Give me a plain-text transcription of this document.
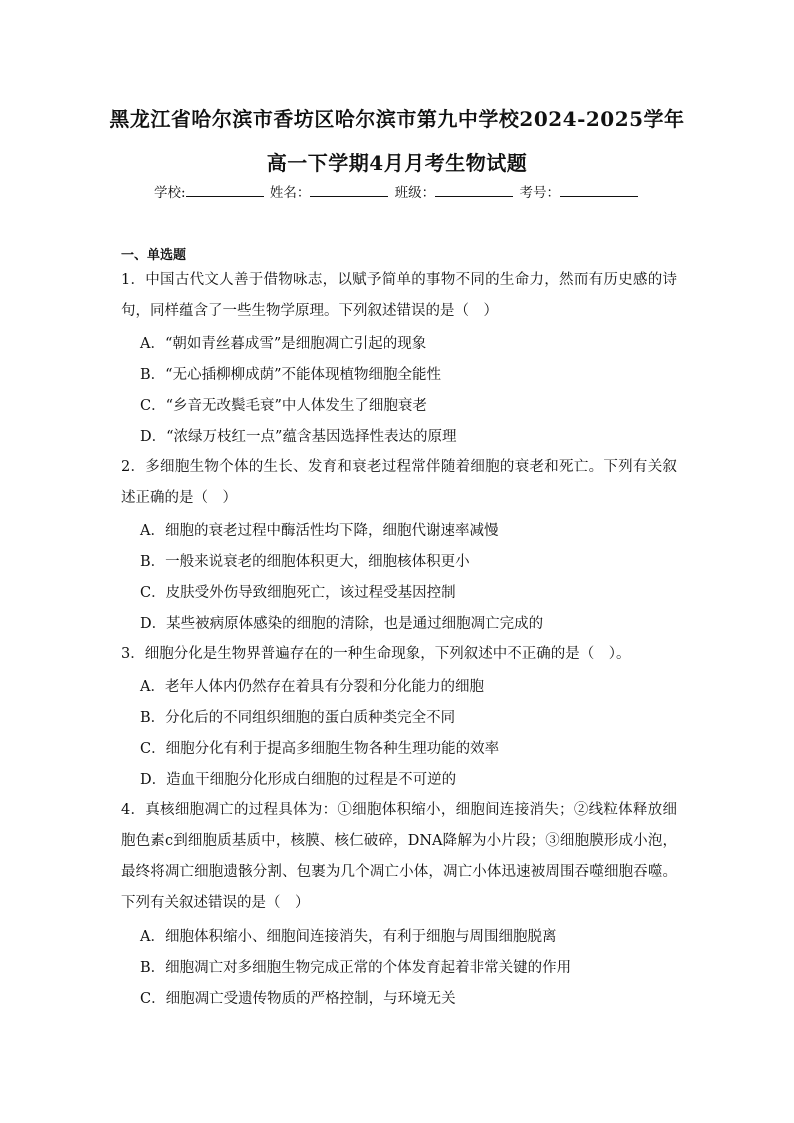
黑龙江省哈尔滨市香坊区哈尔滨市第九中学校2024-2025学年
高一下学期4月月考生物试题
学校:	姓名：	班级：	考号：
一、单选题
1．中国古代文人善于借物咏志，以赋予简单的事物不同的生命力，然而有历史感的诗句，同样蕴含了一些生物学原理。下列叙述错误的是（　）
A．“朝如青丝暮成雪”是细胞凋亡引起的现象
B．“无心插柳柳成荫”不能体现植物细胞全能性
C．“乡音无改鬓毛衰”中人体发生了细胞衰老
D．“浓绿万枝红一点”蕴含基因选择性表达的原理
2．多细胞生物个体的生长、发育和衰老过程常伴随着细胞的衰老和死亡。下列有关叙述正确的是（　）
A．细胞的衰老过程中酶活性均下降，细胞代谢速率减慢
B．一般来说衰老的细胞体积更大，细胞核体积更小
C．皮肤受外伤导致细胞死亡，该过程受基因控制
D．某些被病原体感染的细胞的清除，也是通过细胞凋亡完成的
3．细胞分化是生物界普遍存在的一种生命现象，下列叙述中不正确的是（　）。
A．老年人体内仍然存在着具有分裂和分化能力的细胞
B．分化后的不同组织细胞的蛋白质种类完全不同
C．细胞分化有利于提高多细胞生物各种生理功能的效率
D．造血干细胞分化形成白细胞的过程是不可逆的
4．真核细胞凋亡的过程具体为：①细胞体积缩小，细胞间连接消失；②线粒体释放细胞色素c到细胞质基质中，核膜、核仁破碎，DNA降解为小片段；③细胞膜形成小泡，最终将凋亡细胞遗骸分割、包裹为几个凋亡小体，凋亡小体迅速被周围吞噬细胞吞噬。下列有关叙述错误的是（　）
A．细胞体积缩小、细胞间连接消失，有利于细胞与周围细胞脱离
B．细胞凋亡对多细胞生物完成正常的个体发育起着非常关键的作用
C．细胞凋亡受遗传物质的严格控制，与环境无关
